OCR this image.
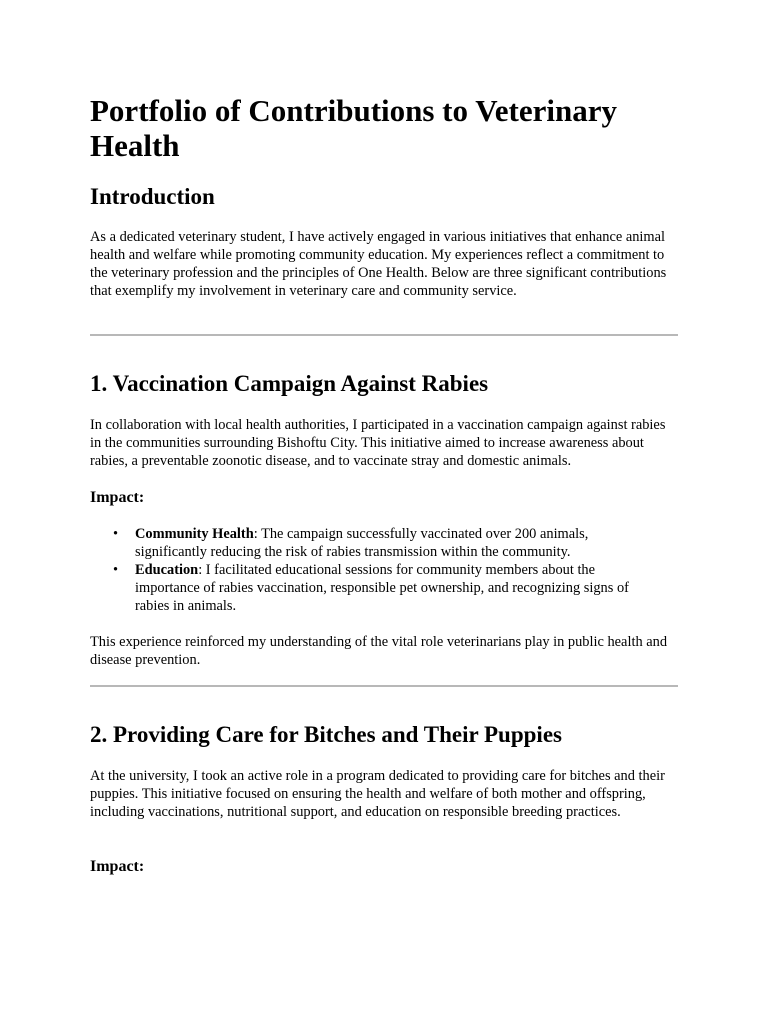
Portfolio of Contributions to Veterinary Health
Introduction

As a dedicated veterinary student, I have actively engaged in various initiatives that enhance animal health and welfare while promoting community education. My experiences reflect a commitment to the veterinary profession and the principles of One Health. Below are three significant contributions that exemplify my involvement in veterinary care and community service.

1. Vaccination Campaign Against Rabies

In collaboration with local health authorities, I participated in a vaccination campaign against rabies in the communities surrounding Bishoftu City. This initiative aimed to increase awareness about rabies, a preventable zoonotic disease, and to vaccinate stray and domestic animals.

Impact:
• Community Health: The campaign successfully vaccinated over 200 animals, significantly reducing the risk of rabies transmission within the community.
• Education: I facilitated educational sessions for community members about the importance of rabies vaccination, responsible pet ownership, and recognizing signs of rabies in animals.

This experience reinforced my understanding of the vital role veterinarians play in public health and disease prevention.

2. Providing Care for Bitches and Their Puppies

At the university, I took an active role in a program dedicated to providing care for bitches and their puppies. This initiative focused on ensuring the health and welfare of both mother and offspring, including vaccinations, nutritional support, and education on responsible breeding practices.

Impact:
